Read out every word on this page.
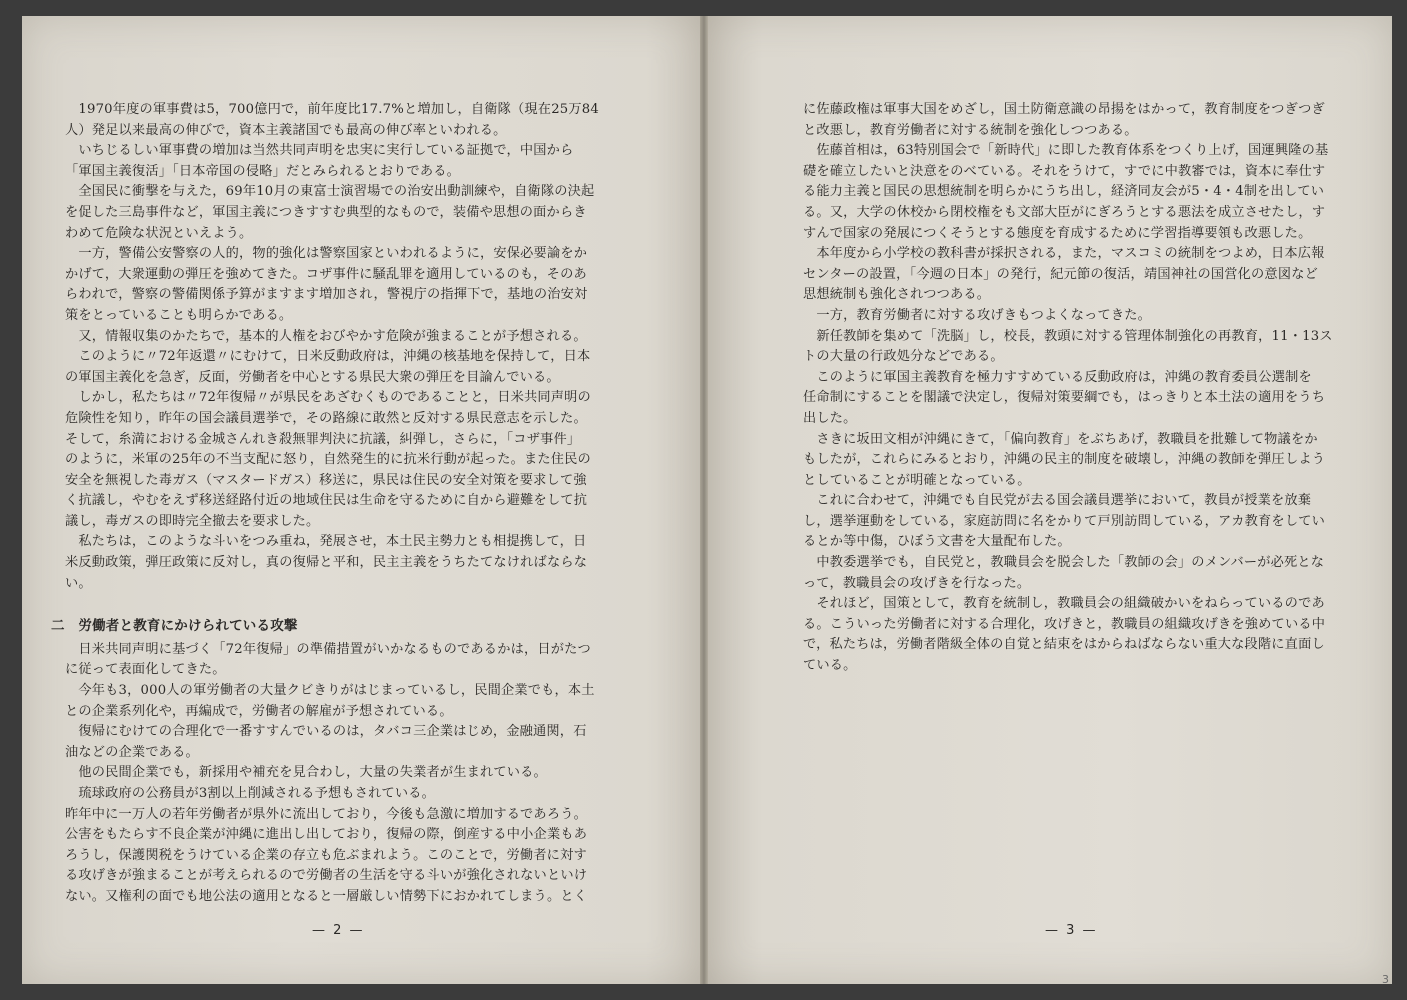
　1970年度の軍事費は5，700億円で，前年度比17.7%と増加し，自衛隊（現在25万84

人）発足以来最高の伸びで，資本主義諸国でも最高の伸び率といわれる。

　いちじるしい軍事費の増加は当然共同声明を忠実に実行している証拠で，中国から

「軍国主義復活」「日本帝国の侵略」だとみられるとおりである。

　全国民に衝撃を与えた，69年10月の東富士演習場での治安出動訓練や，自衛隊の決起

を促した三島事件など，軍国主義につきすすむ典型的なもので，装備や思想の面からき

わめて危険な状況といえよう。

　一方，警備公安警察の人的，物的強化は警察国家といわれるように，安保必要論をか

かげて，大衆運動の弾圧を強めてきた。コザ事件に騒乱罪を適用しているのも，そのあ

らわれで，警察の警備関係予算がますます増加され，警視庁の指揮下で，基地の治安対

策をとっていることも明らかである。

　又，情報収集のかたちで，基本的人権をおびやかす危険が強まることが予想される。

　このように〃72年返還〃にむけて，日米反動政府は，沖縄の核基地を保持して，日本

の軍国主義化を急ぎ，反面，労働者を中心とする県民大衆の弾圧を目論んでいる。

　しかし，私たちは〃72年復帰〃が県民をあざむくものであることと，日米共同声明の

危険性を知り，昨年の国会議員選挙で，その路線に敢然と反対する県民意志を示した。

そして，糸満における金城さんれき殺無罪判決に抗議，糾弾し，さらに，「コザ事件」

のように，米軍の25年の不当支配に怒り，自然発生的に抗米行動が起った。また住民の

安全を無視した毒ガス（マスタードガス）移送に，県民は住民の安全対策を要求して強

く抗議し，やむをえず移送経路付近の地域住民は生命を守るために自から避難をして抗

議し，毒ガスの即時完全撤去を要求した。

　私たちは，このような斗いをつみ重ね，発展させ，本土民主勢力とも相提携して，日

米反動政策，弾圧政策に反対し，真の復帰と平和，民主主義をうちたてなければならな

い。

二　労働者と教育にかけられている攻撃

　日米共同声明に基づく「72年復帰」の準備措置がいかなるものであるかは，日がたつ

に従って表面化してきた。

　今年も3，000人の軍労働者の大量クビきりがはじまっているし，民間企業でも，本土

との企業系列化や，再編成で，労働者の解雇が予想されている。

　復帰にむけての合理化で一番すすんでいるのは，タバコ三企業はじめ，金融通関，石

油などの企業である。

　他の民間企業でも，新採用や補充を見合わし，大量の失業者が生まれている。

　琉球政府の公務員が3割以上削減される予想もされている。

昨年中に一万人の若年労働者が県外に流出しており，今後も急激に増加するであろう。

公害をもたらす不良企業が沖縄に進出し出しており，復帰の際，倒産する中小企業もあ

ろうし，保護関税をうけている企業の存立も危ぶまれよう。このことで，労働者に対す

る攻げきが強まることが考えられるので労働者の生活を守る斗いが強化されないといけ

ない。又権利の面でも地公法の適用となると一層厳しい情勢下におかれてしまう。とく

— 2 —

に佐藤政権は軍事大国をめざし，国土防衛意識の昂揚をはかって，教育制度をつぎつぎ

と改悪し，教育労働者に対する統制を強化しつつある。

　佐藤首相は，63特別国会で「新時代」に即した教育体系をつくり上げ，国運興隆の基

礎を確立したいと決意をのべている。それをうけて，すでに中教審では，資本に奉仕す

る能力主義と国民の思想統制を明らかにうち出し，経済同友会が5・4・4制を出してい

る。又，大学の休校から閉校権をも文部大臣がにぎろうとする悪法を成立させたし，す

すんで国家の発展につくそうとする態度を育成するために学習指導要領も改悪した。

　本年度から小学校の教科書が採択される，また，マスコミの統制をつよめ，日本広報

センターの設置，「今週の日本」の発行，紀元節の復活，靖国神社の国営化の意図など

思想統制も強化されつつある。

　一方，教育労働者に対する攻げきもつよくなってきた。

　新任教師を集めて「洗脳」し，校長，教頭に対する管理体制強化の再教育，11・13ス

トの大量の行政処分などである。

　このように軍国主義教育を極力すすめている反動政府は，沖縄の教育委員公選制を

任命制にすることを閣議で決定し，復帰対策要綱でも，はっきりと本土法の適用をうち

出した。

　さきに坂田文相が沖縄にきて，「偏向教育」をぶちあげ，教職員を批難して物議をか

もしたが，これらにみるとおり，沖縄の民主的制度を破壊し，沖縄の教師を弾圧しよう

としていることが明確となっている。

　これに合わせて，沖縄でも自民党が去る国会議員選挙において，教員が授業を放棄

し，選挙運動をしている，家庭訪問に名をかりて戸別訪問している，アカ教育をしてい

るとか等中傷，ひぼう文書を大量配布した。

　中教委選挙でも，自民党と，教職員会を脱会した「教師の会」のメンバーが必死とな

って，教職員会の攻げきを行なった。

　それほど，国策として，教育を統制し，教職員会の組織破かいをねらっているのであ

る。こういった労働者に対する合理化，攻げきと，教職員の組織攻げきを強めている中

で，私たちは，労働者階級全体の自覚と結束をはからねばならない重大な段階に直面し

ている。

— 3 —
3
